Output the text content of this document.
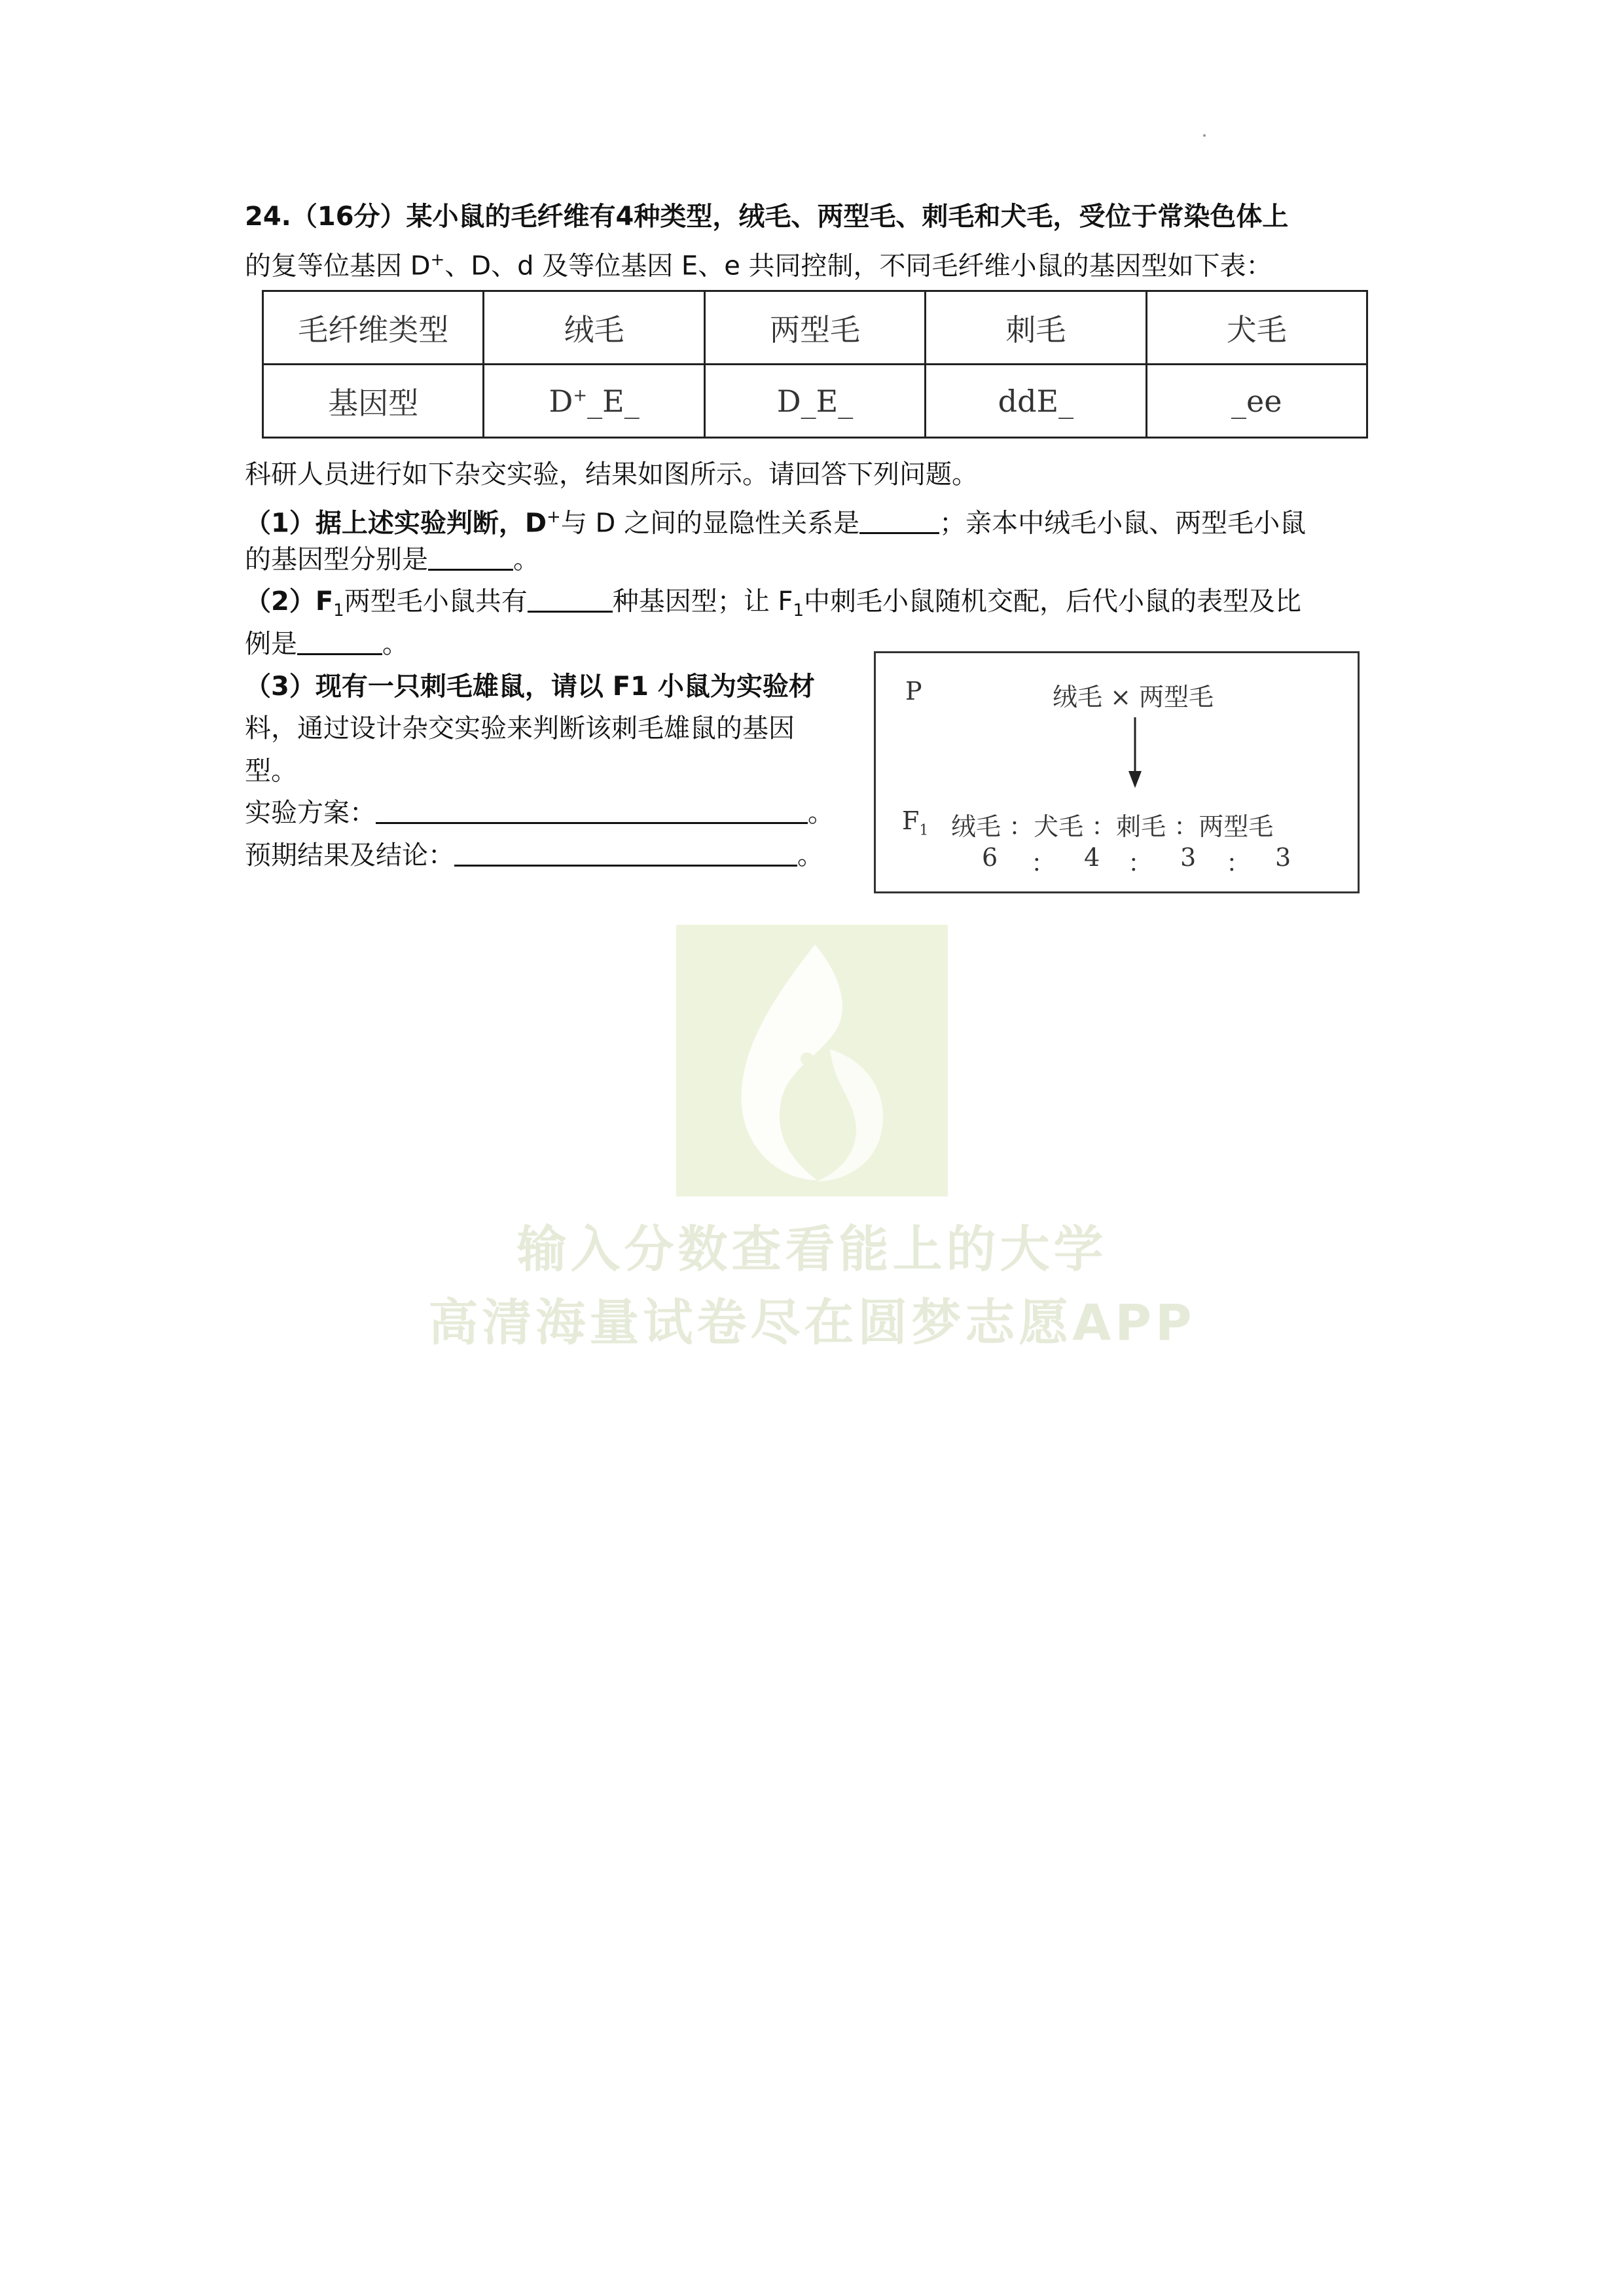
24.（16分）某小鼠的毛纤维有4种类型，绒毛、两型毛、刺毛和犬毛，受位于常染色体上
的复等位基因 D+、D、d 及等位基因 E、e 共同控制，不同毛纤维小鼠的基因型如下表：
毛纤维类型	绒毛	两型毛	刺毛	犬毛
基因型	D+_E_	D_E_	ddE_	_ee
科研人员进行如下杂交实验，结果如图所示。请回答下列问题。
（1）据上述实验判断，D+与 D 之间的显隐性关系是	；亲本中绒毛小鼠、两型毛小鼠
的基因型分别是	。
$(2)F_1$两型毛小鼠共有	种基因型；让 $F_1$中刺毛小鼠随机交配，后代小鼠的表型及比
例是	。
（3）现有一只刺毛雄鼠，请以 F1 小鼠为实验材
料，通过设计杂交实验来判断该刺毛雄鼠的基因
型。
实验方案：	。
预期结果及结论：	。
P	绒毛 × 两型毛
$F_1$ 绒毛 ：犬毛 ：刺毛 ：两型毛
6 ： 4 ： 3 ： 3
输入分数查看能上的大学
高清海量试卷尽在圆梦志愿APP
